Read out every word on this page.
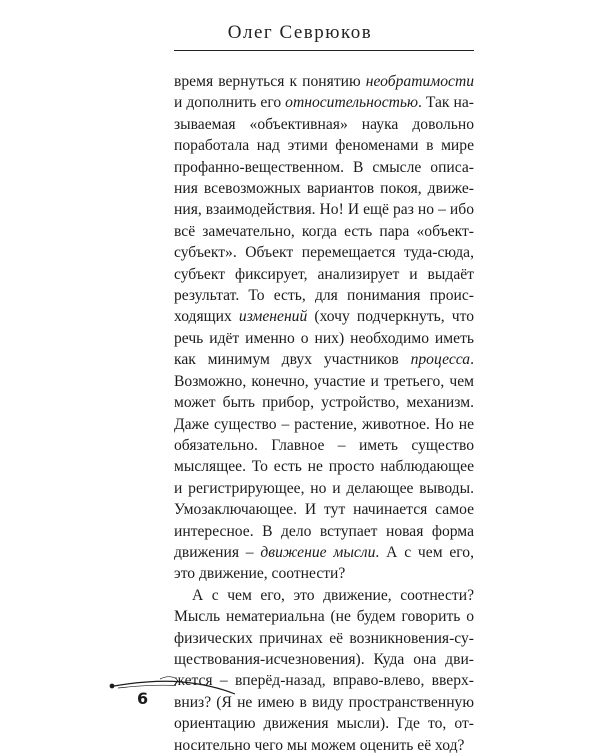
Олег Севрюков

время вернуться к понятию необратимости и дополнить его относительностью. Так называемая «объективная» наука довольно поработала над этими феноменами в мире профанно-вещественном. В смысле описания всевозможных вариантов покоя, движения, взаимодействия. Но! И ещё раз но – ибо всё замечательно, когда есть пара «объект-субъект». Объект перемещается туда-сюда, субъект фиксирует, анализирует и выдаёт результат. То есть, для понимания происходящих изменений (хочу подчеркнуть, что речь идёт именно о них) необходимо иметь как минимум двух участников процесса. Возможно, конечно, участие и третьего, чем может быть прибор, устройство, механизм. Даже существо – растение, животное. Но не обязательно. Главное – иметь существо мыслящее. То есть не просто наблюдающее и регистрирующее, но и делающее выводы. Умозаключающее. И тут начинается самое интересное. В дело вступает новая форма движения – движение мысли. А с чем его, это движение, соотнести?

А с чем его, это движение, соотнести? Мысль нематериальна (не будем говорить о физических причинах её возникновения-существования-исчезновения). Куда она движется – вперёд-назад, вправо-влево, вверх-вниз? (Я не имею в виду пространственную ориентацию движения мысли). Где то, относительно чего мы можем оценить её ход?

6
